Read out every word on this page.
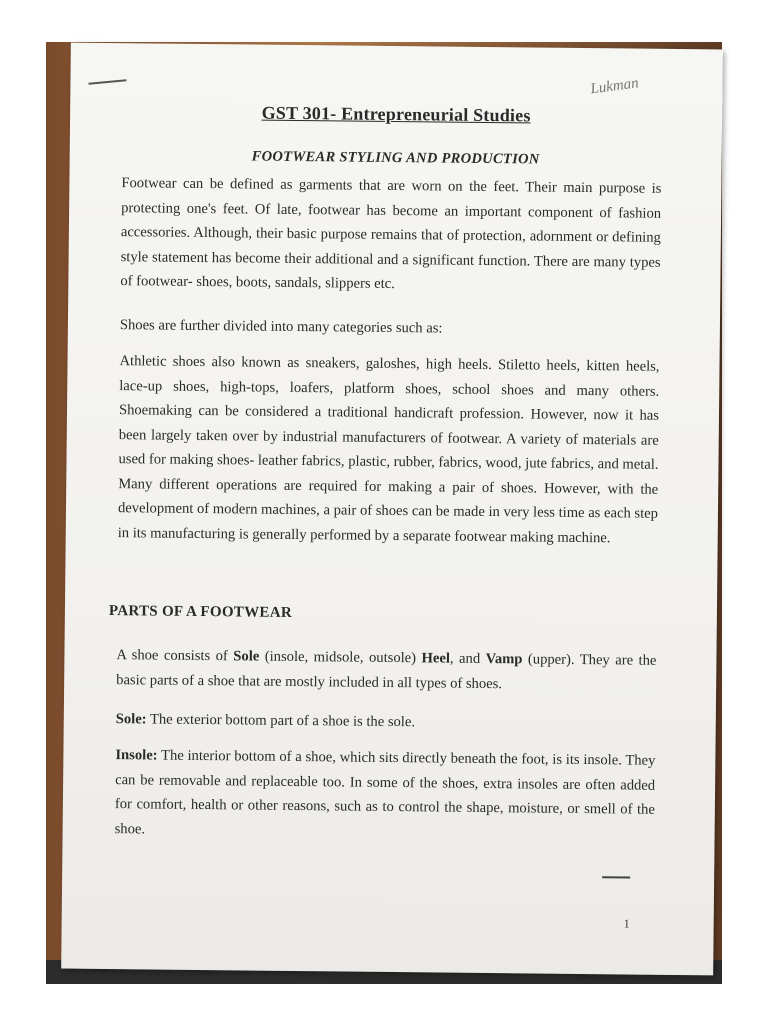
Lukman
GST 301- Entrepreneurial Studies
FOOTWEAR STYLING AND PRODUCTION
Footwear can be defined as garments that are worn on the feet. Their main purpose is protecting one's feet. Of late, footwear has become an important component of fashion accessories. Although, their basic purpose remains that of protection, adornment or defining style statement has become their additional and a significant function. There are many types of footwear- shoes, boots, sandals, slippers etc.
Shoes are further divided into many categories such as:
Athletic shoes also known as sneakers, galoshes, high heels. Stiletto heels, kitten heels, lace-up shoes, high-tops, loafers, platform shoes, school shoes and many others. Shoemaking can be considered a traditional handicraft profession. However, now it has been largely taken over by industrial manufacturers of footwear. A variety of materials are used for making shoes- leather fabrics, plastic, rubber, fabrics, wood, jute fabrics, and metal. Many different operations are required for making a pair of shoes. However, with the development of modern machines, a pair of shoes can be made in very less time as each step in its manufacturing is generally performed by a separate footwear making machine.
PARTS OF A FOOTWEAR
A shoe consists of Sole (insole, midsole, outsole) Heel, and Vamp (upper). They are the basic parts of a shoe that are mostly included in all types of shoes.
Sole: The exterior bottom part of a shoe is the sole.
Insole: The interior bottom of a shoe, which sits directly beneath the foot, is its insole. They can be removable and replaceable too. In some of the shoes, extra insoles are often added for comfort, health or other reasons, such as to control the shape, moisture, or smell of the shoe.
1
